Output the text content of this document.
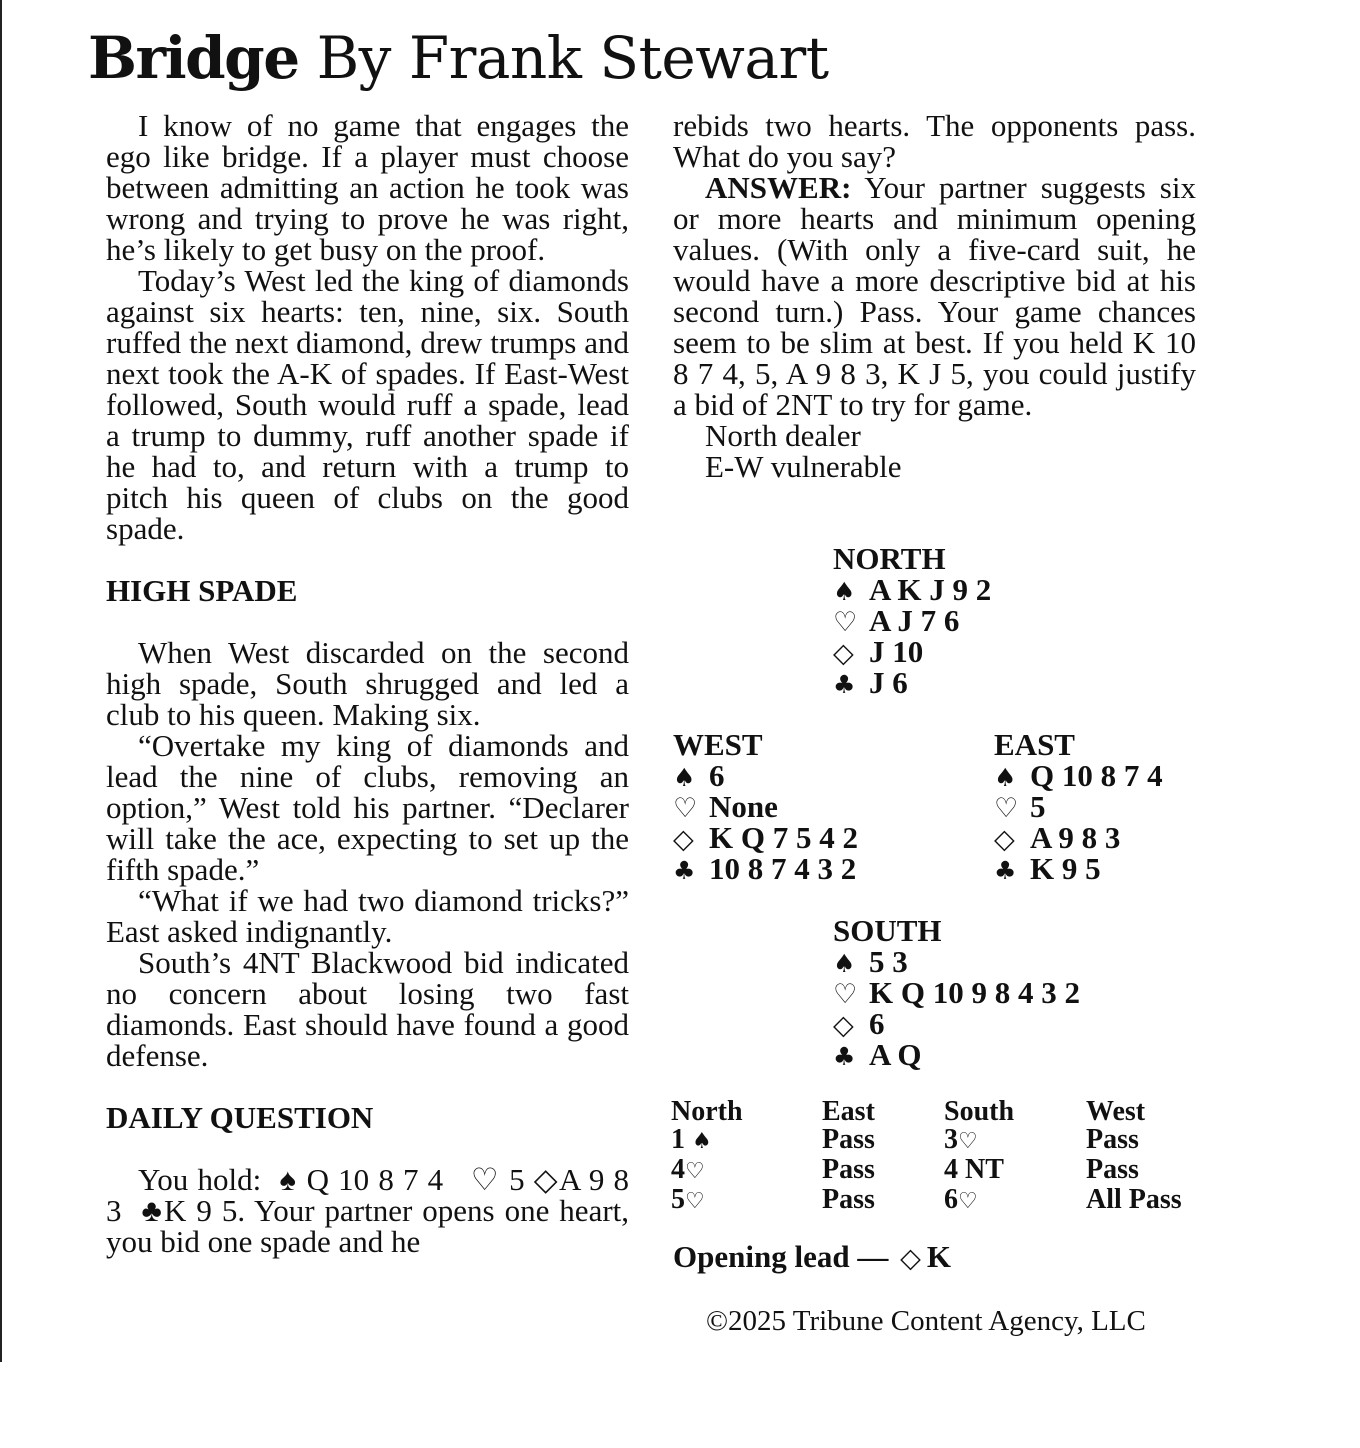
Bridge By Frank Stewart

I know of no game that engages the ego like bridge. If a player must choose between admitting an action he took was wrong and trying to prove he was right, he’s likely to get busy on the proof.

Today’s West led the king of diamonds against six hearts: ten, nine, six. South ruffed the next diamond, drew trumps and next took the A-K of spades. If East-West followed, South would ruff a spade, lead a trump to dummy, ruff another spade if he had to, and return with a trump to pitch his queen of clubs on the good spade.

HIGH SPADE

When West discarded on the second high spade, South shrugged and led a club to his queen. Making six.

“Overtake my king of diamonds and lead the nine of clubs, removing an option,” West told his partner. “Declarer will take the ace, expecting to set up the fifth spade.”

“What if we had two diamond tricks?” East asked indignantly.

South’s 4NT Blackwood bid indicated no concern about losing two fast diamonds. East should have found a good defense.

DAILY QUESTION

You hold: ♠ Q 10 8 7 4 ♡ 5 ◇A 9 8 3 ♣K 9 5. Your partner opens one heart, you bid one spade and he

rebids two hearts. The opponents pass. What do you say?

ANSWER: Your partner suggests six or more hearts and minimum opening values. (With only a five-card suit, he would have a more descriptive bid at his second turn.) Pass. Your game chances seem to be slim at best. If you held K 10 8 7 4, 5, A 9 8 3, K J 5, you could justify a bid of 2NT to try for game.

North dealer
E-W vulnerable
NORTH
♠ A K J 9 2
♡ A J 7 6
◇ J 10
♣ J 6
WEST
♠ 6
♡ None
◇ K Q 7 5 4 2
♣ 10 8 7 4 3 2
EAST
♠ Q 10 8 7 4
♡ 5
◇ A 9 8 3
♣ K 9 5
SOUTH
♠ 5 3
♡ K Q 10 9 8 4 3 2
◇ 6
♣ A Q
North	East	South	West
1 ♠	Pass	3♡	Pass
4♡	Pass	4 NT	Pass
5♡	Pass	6♡	All Pass
Opening lead — ◇ K
©2025 Tribune Content Agency, LLC
